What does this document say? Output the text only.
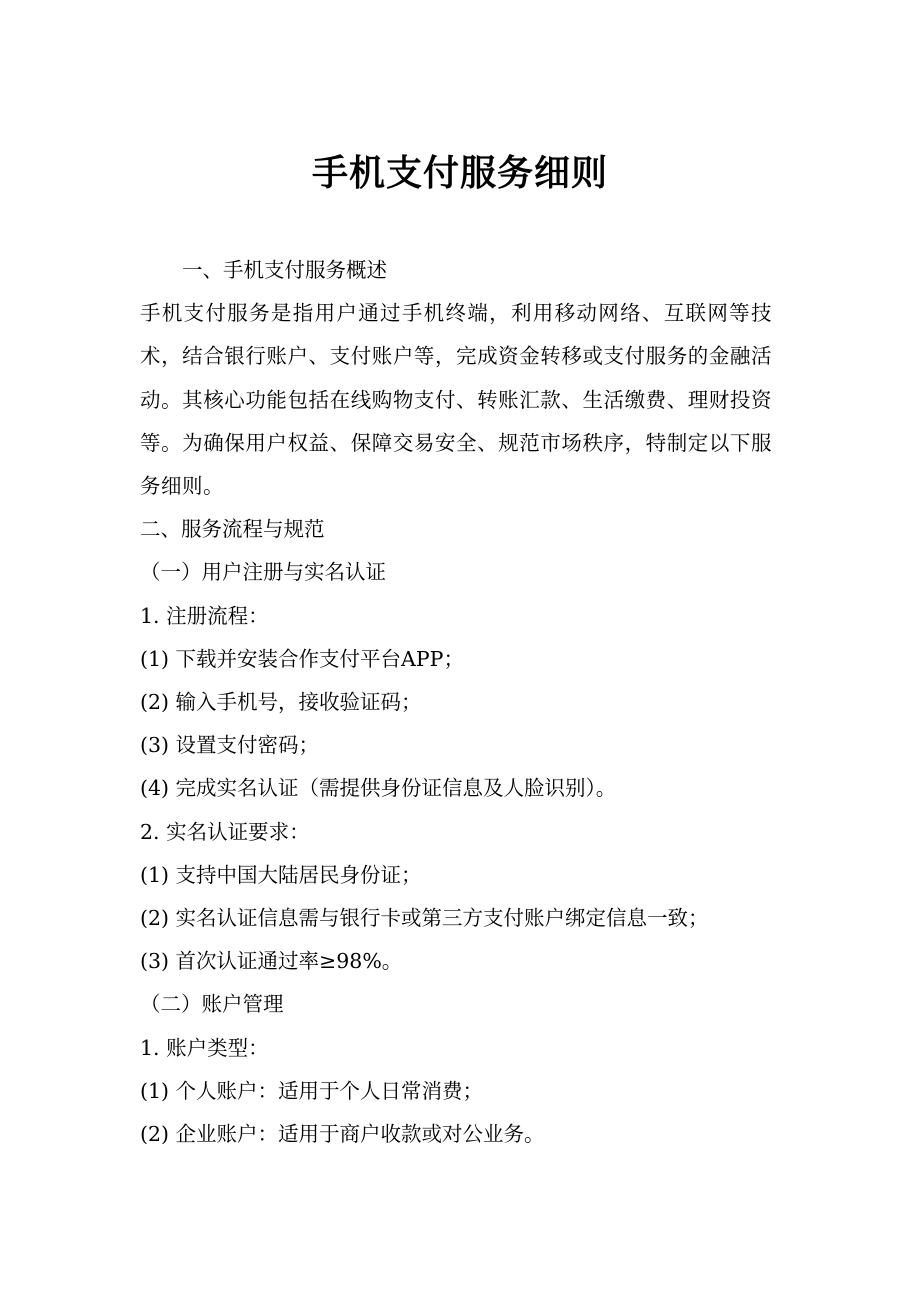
手机支付服务细则

一、手机支付服务概述

手机支付服务是指用户通过手机终端，利用移动网络、互联网等技术，结合银行账户、支付账户等，完成资金转移或支付服务的金融活动。其核心功能包括在线购物支付、转账汇款、生活缴费、理财投资等。为确保用户权益、保障交易安全、规范市场秩序，特制定以下服务细则。

二、服务流程与规范

（一）用户注册与实名认证

1. 注册流程：

(1) 下载并安装合作支付平台APP；

(2) 输入手机号，接收验证码；

(3) 设置支付密码；

(4) 完成实名认证（需提供身份证信息及人脸识别）。

2. 实名认证要求：

(1) 支持中国大陆居民身份证；

(2) 实名认证信息需与银行卡或第三方支付账户绑定信息一致；

(3) 首次认证通过率≥98%。

（二）账户管理

1. 账户类型：

(1) 个人账户：适用于个人日常消费；

(2) 企业账户：适用于商户收款或对公业务。
